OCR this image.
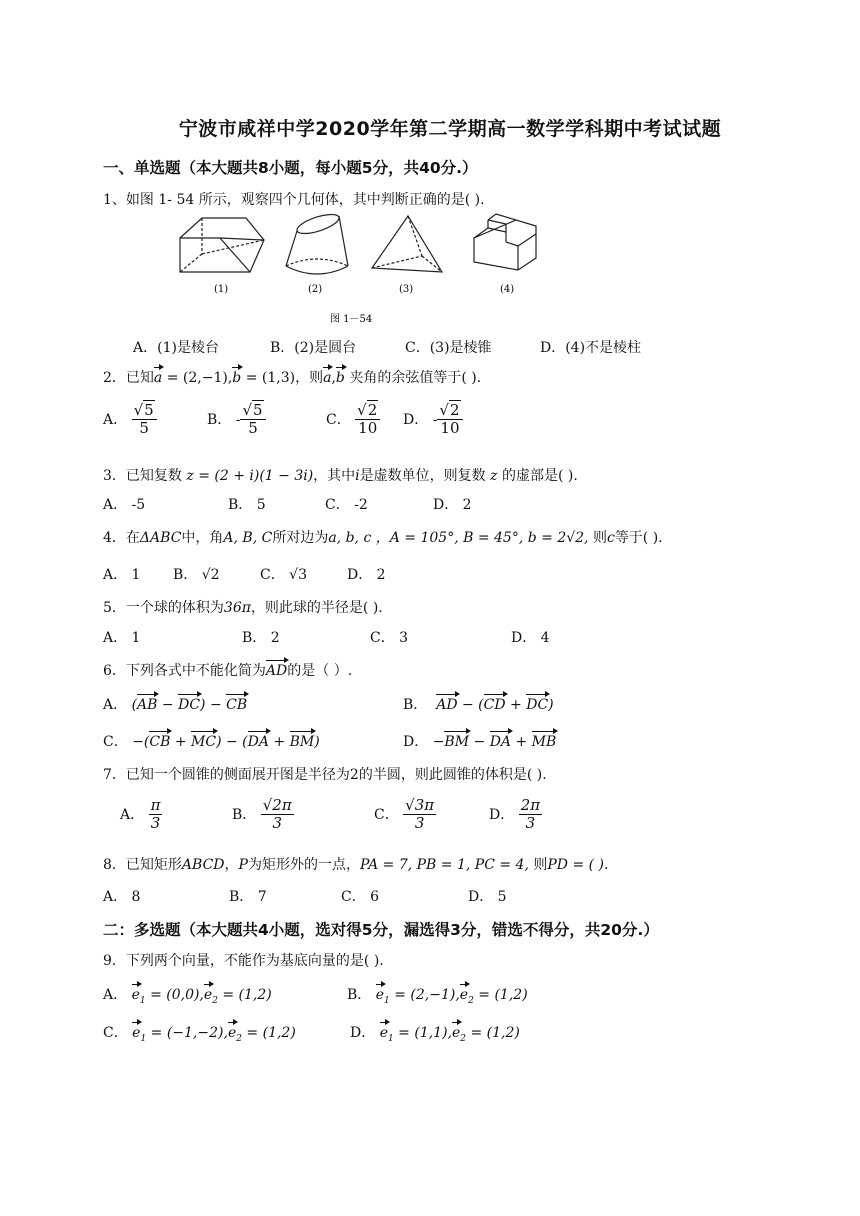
宁波市咸祥中学2020学年第二学期高一数学学科期中考试试题
一、单选题（本大题共8小题，每小题5分，共40分.）
1、如图 1- 54 所示，观察四个几何体，其中判断正确的是( ).
(1)	(2)	(3)	(4)
图 1－54
A．(1)是棱台	B．(2)是圆台	C．(3)是棱锥	D．(4)不是棱柱
2．已知a = (2,−1),b = (1,3)，则a,b 夹角的余弦值等于( ).
A． $\frac{√5}{5}$	B． - $\frac{√5}{5}$	C． $\frac{√2}{10}$ D． - $\frac{√2}{10}$
3．已知复数 z = (2 + i)(1 − 3i)，其中i是虚数单位，则复数 z 的虚部是( ).
A． -5	B． 5	C． -2	D． 2
4．在ΔABC中，角A, B, C所对边为a, b, c ，A = 105°, B = 45°, b = 2√2, 则c等于( ).
A． 1 B． √2	C． √3	D． 2
5．一个球的体积为36π，则此球的半径是( ).
A． 1	B． 2	C． 3	D． 4
6．下列各式中不能化简为AD的是（ ）.
A． (AB − DC) − CB	B． AD − (CD + DC)
C． −(CB + MC) − (DA + BM)	D． −BM − DA + MB
7．已知一个圆锥的侧面展开图是半径为2的半圆，则此圆锥的体积是( ).
A． $\frac{\pi}{3}$	B． $\frac{√2\pi}{3}$	C． $\frac{√3\pi}{3}$	D． $\frac{2\pi}{3}$
8．已知矩形ABCD，P为矩形外的一点，PA = 7, PB = 1, PC = 4, 则PD = ( ).
A． 8	B． 7	C． 6	D． 5
二：多选题（本大题共4小题，选对得5分，漏选得3分，错选不得分，共20分.）
9．下列两个向量，不能作为基底向量的是( ).
A． $e_1 = (0,0),e_2 = (1,2)$	B． $e_1 = (2,-1),e_2 = (1,2)$
C． $e_1 = (-1,-2),e_2 = (1,2)$	D． $e_1 = (1,1),e_2 = (1,2)$
